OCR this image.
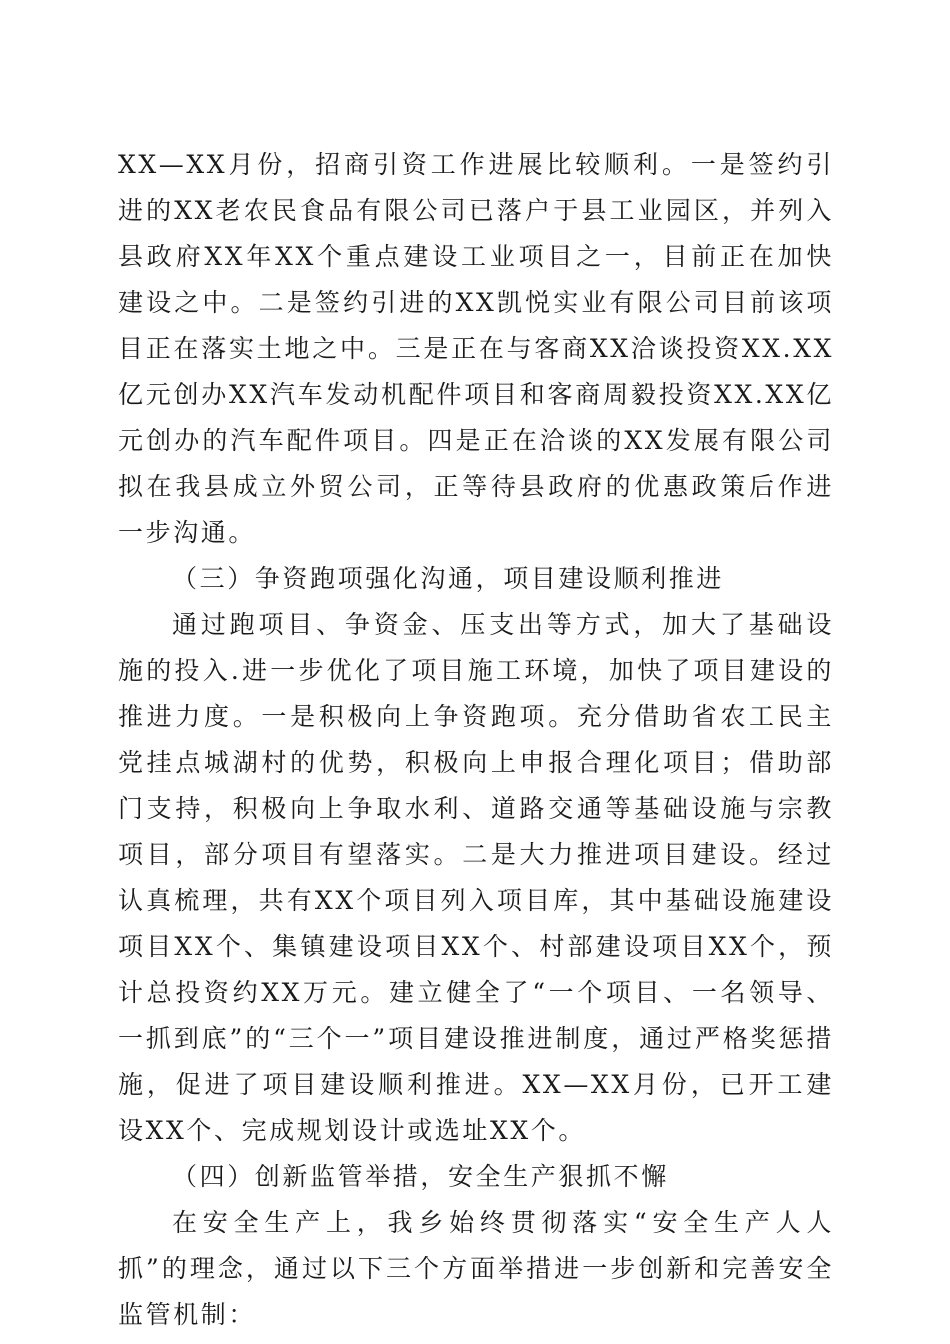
XX—XX月份，招商引资工作进展比较顺利。一是签约引进的XX老农民食品有限公司已落户于县工业园区，并列入县政府XX年XX个重点建设工业项目之一，目前正在加快建设之中。二是签约引进的XX凯悦实业有限公司目前该项目正在落实土地之中。三是正在与客商XX洽谈投资XX.XX亿元创办XX汽车发动机配件项目和客商周毅投资XX.XX亿元创办的汽车配件项目。四是正在洽谈的XX发展有限公司拟在我县成立外贸公司，正等待县政府的优惠政策后作进一步沟通。

（三）争资跑项强化沟通，项目建设顺利推进

通过跑项目、争资金、压支出等方式，加大了基础设施的投入.进一步优化了项目施工环境，加快了项目建设的推进力度。一是积极向上争资跑项。充分借助省农工民主党挂点城湖村的优势，积极向上申报合理化项目；借助部门支持，积极向上争取水利、道路交通等基础设施与宗教项目，部分项目有望落实。二是大力推进项目建设。经过认真梳理，共有XX个项目列入项目库，其中基础设施建设项目XX个、集镇建设项目XX个、村部建设项目XX个，预计总投资约XX万元。建立健全了“一个项目、一名领导、一抓到底”的“三个一”项目建设推进制度，通过严格奖惩措施，促进了项目建设顺利推进。XX—XX月份，已开工建设XX个、完成规划设计或选址XX个。

（四）创新监管举措，安全生产狠抓不懈

在安全生产上，我乡始终贯彻落实“安全生产人人抓”的理念，通过以下三个方面举措进一步创新和完善安全监管机制：
